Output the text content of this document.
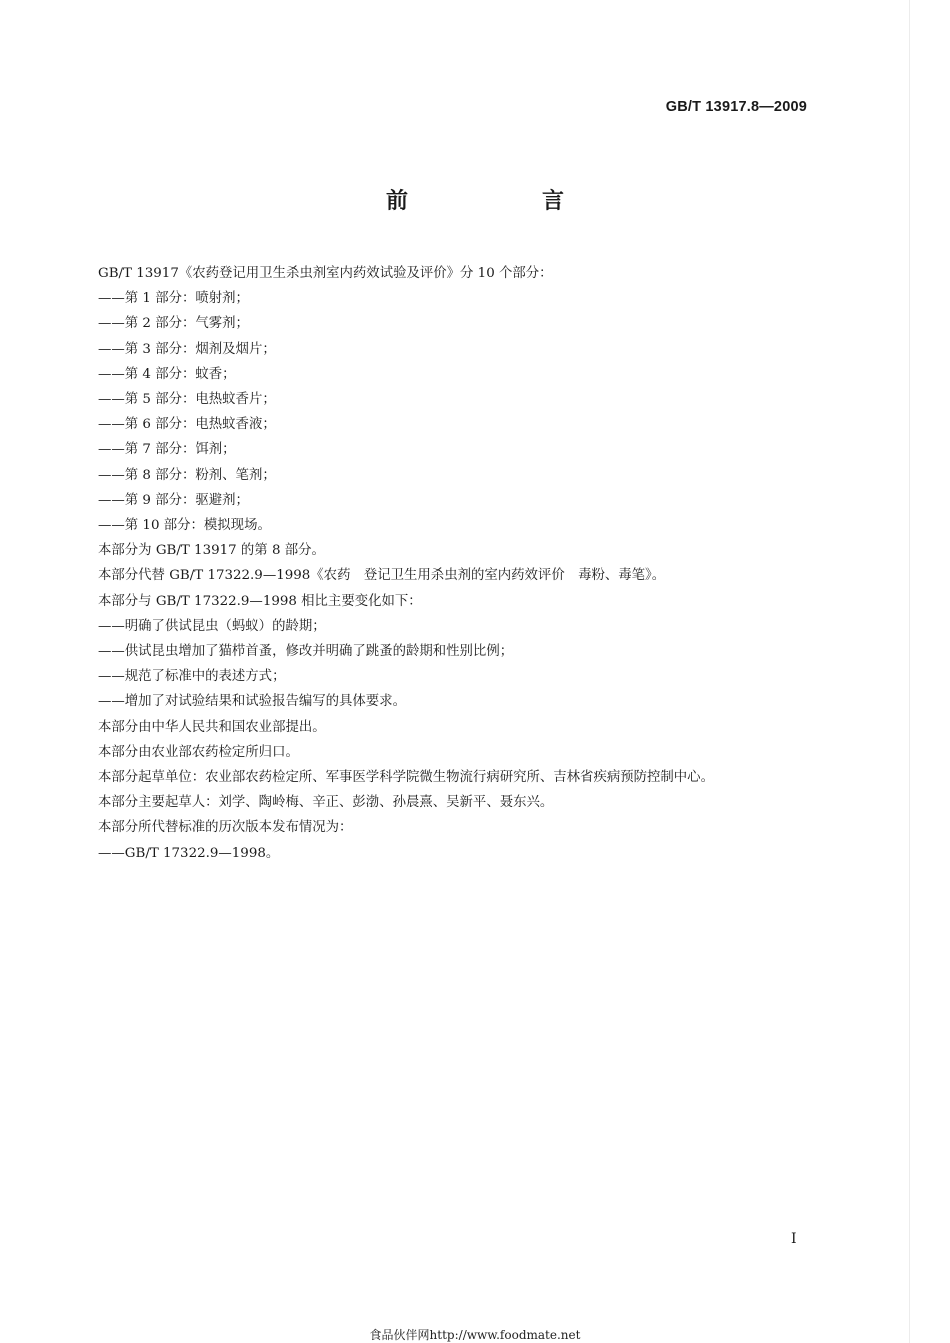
GB/T 13917.8—2009
前　　言

GB/T 13917《农药登记用卫生杀虫剂室内药效试验及评价》分 10 个部分：

——第 1 部分：喷射剂；

——第 2 部分：气雾剂；

——第 3 部分：烟剂及烟片；

——第 4 部分：蚊香；

——第 5 部分：电热蚊香片；

——第 6 部分：电热蚊香液；

——第 7 部分：饵剂；

——第 8 部分：粉剂、笔剂；

——第 9 部分：驱避剂；

——第 10 部分：模拟现场。

本部分为 GB/T 13917 的第 8 部分。

本部分代替 GB/T 17322.9—1998《农药　登记卫生用杀虫剂的室内药效评价　毒粉、毒笔》。

本部分与 GB/T 17322.9—1998 相比主要变化如下：

——明确了供试昆虫（蚂蚁）的龄期；

——供试昆虫增加了猫栉首蚤，修改并明确了跳蚤的龄期和性别比例；

——规范了标准中的表述方式；

——增加了对试验结果和试验报告编写的具体要求。

本部分由中华人民共和国农业部提出。

本部分由农业部农药检定所归口。

本部分起草单位：农业部农药检定所、军事医学科学院微生物流行病研究所、吉林省疾病预防控制中心。

本部分主要起草人：刘学、陶岭梅、辛正、彭渤、孙晨熹、吴新平、聂东兴。

本部分所代替标准的历次版本发布情况为：

——GB/T 17322.9—1998。

I
食品伙伴网http://www.foodmate.net
